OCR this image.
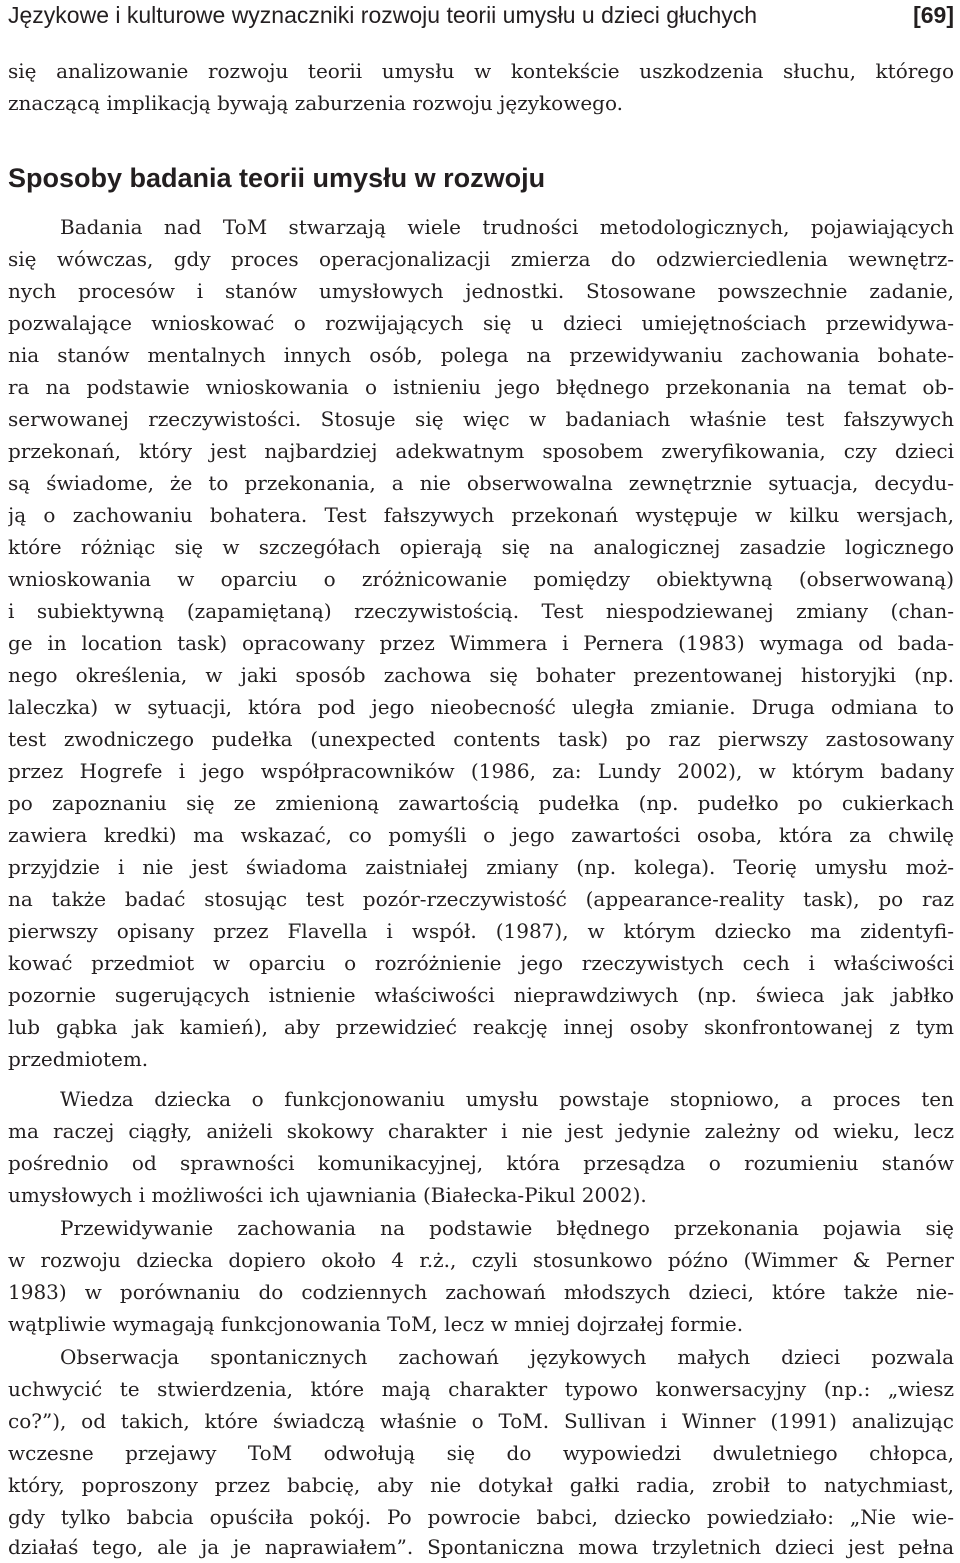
Językowe i kulturowe wyznaczniki rozwoju teorii umysłu u dzieci głuchych	[69]
się analizowanie rozwoju teorii umysłu w kontekście uszkodzenia słuchu, którego
znaczącą implikacją bywają zaburzenia rozwoju językowego.
Sposoby badania teorii umysłu w rozwoju
Badania nad ToM stwarzają wiele trudności metodologicznych, pojawiających
się wówczas, gdy proces operacjonalizacji zmierza do odzwierciedlenia wewnętrz-
nych procesów i stanów umysłowych jednostki. Stosowane powszechnie zadanie,
pozwalające wnioskować o rozwijających się u dzieci umiejętnościach przewidywa-
nia stanów mentalnych innych osób, polega na przewidywaniu zachowania bohate-
ra na podstawie wnioskowania o istnieniu jego błędnego przekonania na temat ob-
serwowanej rzeczywistości. Stosuje się więc w badaniach właśnie test fałszywych
przekonań, który jest najbardziej adekwatnym sposobem zweryfikowania, czy dzieci
są świadome, że to przekonania, a nie obserwowalna zewnętrznie sytuacja, decydu-
ją o zachowaniu bohatera. Test fałszywych przekonań występuje w kilku wersjach,
które różniąc się w szczegółach opierają się na analogicznej zasadzie logicznego
wnioskowania w oparciu o zróżnicowanie pomiędzy obiektywną (obserwowaną)
i subiektywną (zapamiętaną) rzeczywistością. Test niespodziewanej zmiany (chan-
ge in location task) opracowany przez Wimmera i Pernera (1983) wymaga od bada-
nego określenia, w jaki sposób zachowa się bohater prezentowanej historyjki (np.
laleczka) w sytuacji, która pod jego nieobecność uległa zmianie. Druga odmiana to
test zwodniczego pudełka (unexpected contents task) po raz pierwszy zastosowany
przez Hogrefe i jego współpracowników (1986, za: Lundy 2002), w którym badany
po zapoznaniu się ze zmienioną zawartością pudełka (np. pudełko po cukierkach
zawiera kredki) ma wskazać, co pomyśli o jego zawartości osoba, która za chwilę
przyjdzie i nie jest świadoma zaistniałej zmiany (np. kolega). Teorię umysłu moż-
na także badać stosując test pozór-rzeczywistość (appearance-reality task), po raz
pierwszy opisany przez Flavella i współ. (1987), w którym dziecko ma zidentyfi-
kować przedmiot w oparciu o rozróżnienie jego rzeczywistych cech i właściwości
pozornie sugerujących istnienie właściwości nieprawdziwych (np. świeca jak jabłko
lub gąbka jak kamień), aby przewidzieć reakcję innej osoby skonfrontowanej z tym
przedmiotem.
Wiedza dziecka o funkcjonowaniu umysłu powstaje stopniowo, a proces ten
ma raczej ciągły, aniżeli skokowy charakter i nie jest jedynie zależny od wieku, lecz
pośrednio od sprawności komunikacyjnej, która przesądza o rozumieniu stanów
umysłowych i możliwości ich ujawniania (Białecka-Pikul 2002).
Przewidywanie zachowania na podstawie błędnego przekonania pojawia się
w rozwoju dziecka dopiero około 4 r.ż., czyli stosunkowo późno (Wimmer & Perner
1983) w porównaniu do codziennych zachowań młodszych dzieci, które także nie-
wątpliwie wymagają funkcjonowania ToM, lecz w mniej dojrzałej formie.
Obserwacja spontanicznych zachowań językowych małych dzieci pozwala
uchwycić te stwierdzenia, które mają charakter typowo konwersacyjny (np.: „wiesz
co?”), od takich, które świadczą właśnie o ToM. Sullivan i Winner (1991) analizując
wczesne przejawy ToM odwołują się do wypowiedzi dwuletniego chłopca,
który, poproszony przez babcię, aby nie dotykał gałki radia, zrobił to natychmiast,
gdy tylko babcia opuściła pokój. Po powrocie babci, dziecko powiedziało: „Nie wie-
działaś tego, ale ja je naprawiałem”. Spontaniczna mowa trzyletnich dzieci jest pełna
